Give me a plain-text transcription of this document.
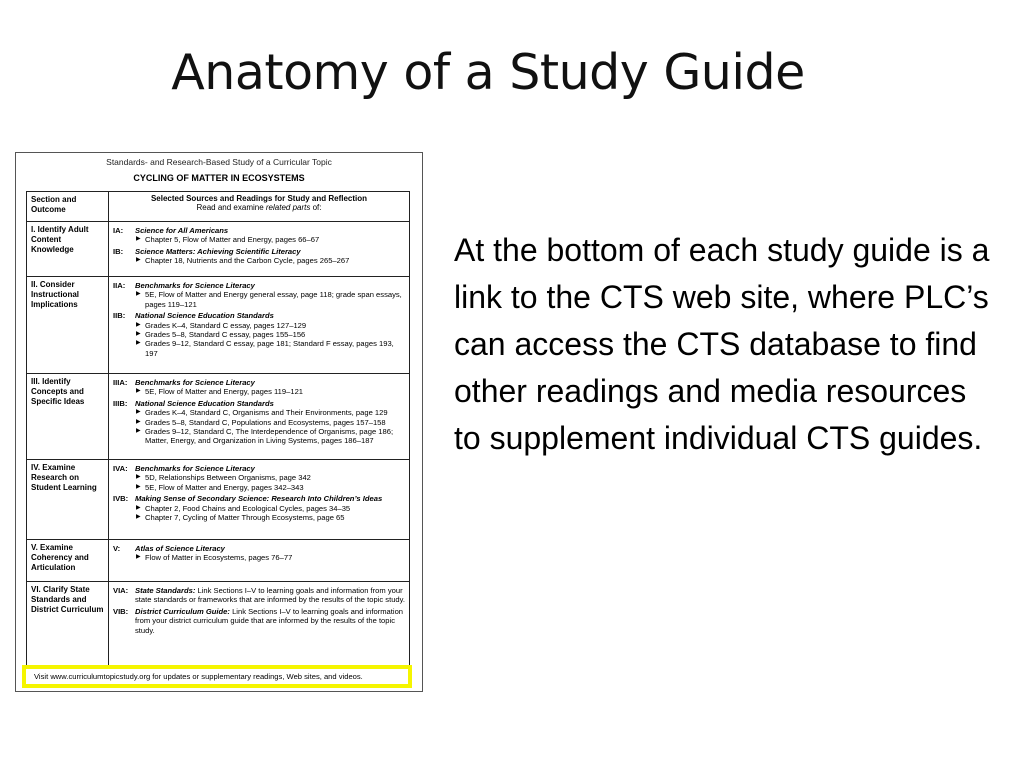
Anatomy of a Study Guide
Standards- and Research-Based Study of a Curricular Topic
CYCLING OF MATTER IN ECOSYSTEMS
Section and Outcome
Selected Sources and Readings for Study and Reflection
Read and examine related parts of:
I. Identify Adult Content Knowledge
IA:	Science for All Americans
▶ Chapter 5, Flow of Matter and Energy, pages 66–67
IB:	Science Matters: Achieving Scientific Literacy
▶ Chapter 18, Nutrients and the Carbon Cycle, pages 265–267
II. Consider Instructional Implications
IIA:	Benchmarks for Science Literacy
▶ 5E, Flow of Matter and Energy general essay, page 118; grade span essays, pages 119–121
IIB:	National Science Education Standards
▶ Grades K–4, Standard C essay, pages 127–129
▶ Grades 5–8, Standard C essay, pages 155–156
▶ Grades 9–12, Standard C essay, page 181; Standard F essay, pages 193, 197
III. Identify Concepts and Specific Ideas
IIIA:	Benchmarks for Science Literacy
▶ 5E, Flow of Matter and Energy, pages 119–121
IIIB:	National Science Education Standards
▶ Grades K–4, Standard C, Organisms and Their Environments, page 129
▶ Grades 5–8, Standard C, Populations and Ecosystems, pages 157–158
▶ Grades 9–12, Standard C, The Interdependence of Organisms, page 186; Matter, Energy, and Organization in Living Systems, pages 186–187
IV. Examine Research on Student Learning
IVA: Benchmarks for Science Literacy
▶ 5D, Relationships Between Organisms, page 342
▶ 5E, Flow of Matter and Energy, pages 342–343
IVB: Making Sense of Secondary Science: Research Into Children’s Ideas
▶ Chapter 2, Food Chains and Ecological Cycles, pages 34–35
▶ Chapter 7, Cycling of Matter Through Ecosystems, page 65
V. Examine Coherency and Articulation
V:	Atlas of Science Literacy
▶ Flow of Matter in Ecosystems, pages 76–77
VI. Clarify State Standards and District Curriculum
VIA: State Standards: Link Sections I–V to learning goals and information from your state standards or frameworks that are informed by the results of the topic study.
VIB: District Curriculum Guide: Link Sections I–V to learning goals and information from your district curriculum guide that are informed by the results of the topic study.
Visit www.curriculumtopicstudy.org for updates or supplementary readings, Web sites, and videos.
At the bottom of each study guide is a link to the CTS web site, where PLC’s can access the CTS database to find other readings and media resources to supplement individual CTS guides.
